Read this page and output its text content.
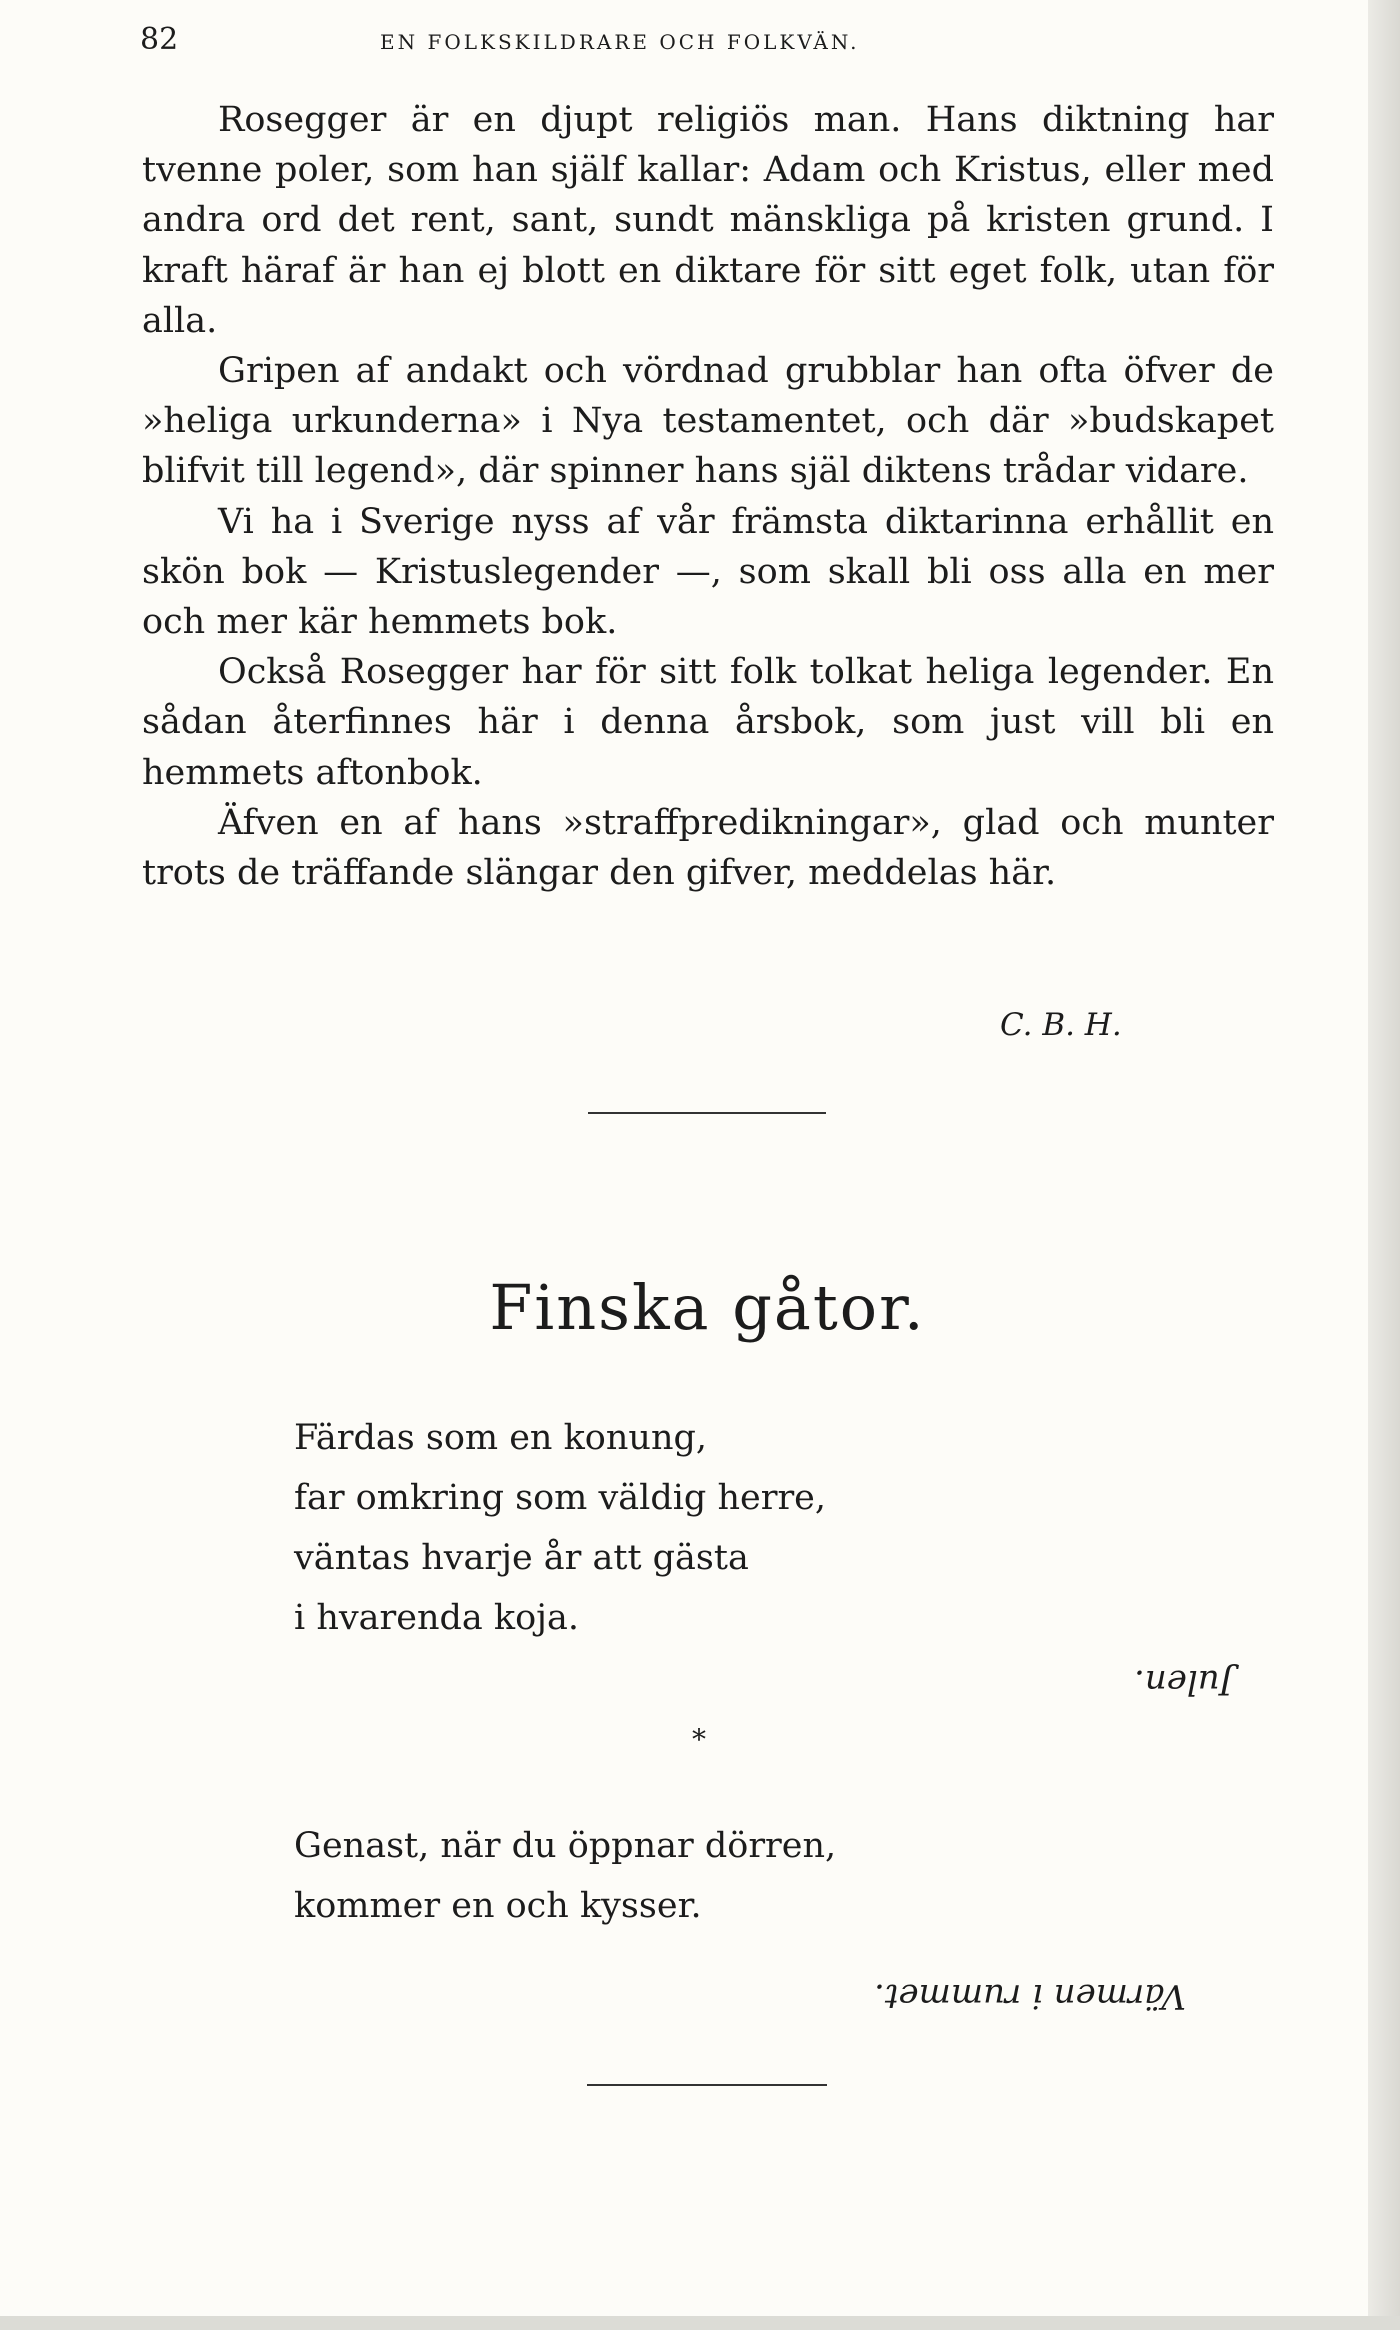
82	EN FOLKSKILDRARE OCH FOLKVÄN.

Rosegger är en djupt religiös man. Hans diktning har tvenne poler, som han själf kallar: Adam och Kristus, eller med andra ord det rent, sant, sundt mänskliga på kristen grund. I kraft häraf är han ej blott en diktare för sitt eget folk, utan för alla.

Gripen af andakt och vördnad grubblar han ofta öfver de »heliga urkunderna» i Nya testamentet, och där »budskapet blifvit till legend», där spinner hans själ diktens trådar vidare.

Vi ha i Sverige nyss af vår främsta diktarinna erhållit en skön bok — Kristuslegender —, som skall bli oss alla en mer och mer kär hemmets bok.

Också Rosegger har för sitt folk tolkat heliga legender. En sådan återfinnes här i denna årsbok, som just vill bli en hemmets aftonbok.

Äfven en af hans »straffpredikningar», glad och munter trots de träffande slängar den gifver, meddelas här.

C. B. H.
Finska gåtor.
Färdas som en konung,
far omkring som väldig herre,
väntas hvarje år att gästa
i hvarenda koja.
Julen.
*
Genast, när du öppnar dörren,
kommer en och kysser.
Värmen i rummet.
